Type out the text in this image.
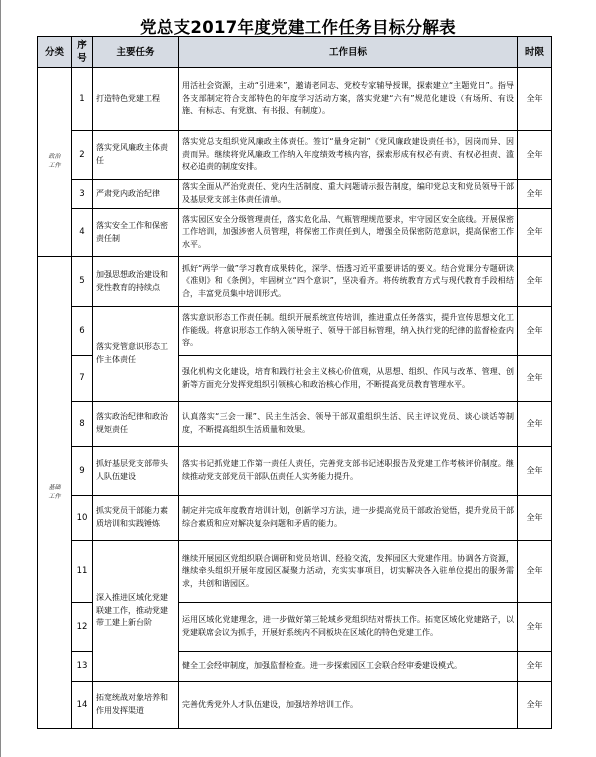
党总支2017年度党建工作任务目标分解表
分类	序号	主要任务	工作目标	时限
政治工作	1	打造特色党建工程	用活社会资源，主动“引进来”，邀请老同志、党校专家辅导授课，探索建立“主题党日”。指导各支部制定符合支部特色的年度学习活动方案，落实党建“六有”规范化建设（有场所、有设施、有标志、有党旗、有书报、有制度）。	全年
	2	落实党风廉政主体责任	落实党总支组织党风廉政主体责任。签订“量身定制”《党风廉政建设责任书》，因岗而异、因责而异。继续将党风廉政工作纳入年度绩效考核内容，探索形成有权必有责、有权必担责、滥权必追责的制度安排。	全年
	3	严肃党内政治纪律	落实全面从严治党责任、党内生活制度、重大问题请示报告制度，编印党总支和党员领导干部及基层党支部主体责任清单。	全年
	4	落实安全工作和保密责任制	落实园区安全分级管理责任，落实危化品、气瓶管理规范要求，牢守园区安全底线。开展保密工作培训，加强涉密人员管理，将保密工作责任到人，增强全员保密防范意识，提高保密工作水平。	全年
基础工作	5	加强思想政治建设和党性教育的持续点	抓好“两学一做”学习教育成果转化，深学、悟透习近平重要讲话的要义。结合党课分专题研读《准则》和《条例》，牢固树立“四个意识”，坚决看齐。将传统教育方式与现代教育手段相结合，丰富党员集中培训形式。	全年
	6	落实党管意识形态工作主体责任	落实意识形态工作责任制。组织开展系统宣传培训，推进重点任务落实，提升宣传思想文化工作能级。将意识形态工作纳入领导班子、领导干部目标管理，纳入执行党的纪律的监督检查内容。	全年
	7		强化机构文化建设，培育和践行社会主义核心价值观，从思想、组织、作风与改革、管理、创新等方面充分发挥党组织引领核心和政治核心作用，不断提高党员教育管理水平。	全年
	8	落实政治纪律和政治规矩责任	认真落实“三会一课”、民主生活会、领导干部双重组织生活、民主评议党员、谈心谈话等制度，不断提高组织生活质量和效果。	全年
	9	抓好基层党支部带头人队伍建设	落实书记抓党建工作第一责任人责任，完善党支部书记述职报告及党建工作考核评价制度。继续推动党支部党员干部队伍责任人实务能力提升。	全年
	10	抓实党员干部能力素质培训和实践锤炼	制定并完成年度教育培训计划，创新学习方法，进一步提高党员干部政治觉悟，提升党员干部综合素质和应对解决复杂问题和矛盾的能力。	全年
	11	深入推进区域化党建联建工作，推动党建带工建上新台阶	继续开展园区党组织联合调研和党员培训、经验交流，发挥园区大党建作用。协调各方资源，继续牵头组织开展年度园区凝聚力活动，充实实事项目，切实解决各入驻单位提出的服务需求，共创和谐园区。	全年
	12		运用区域化党建理念，进一步做好第三轮域乡党组织结对帮扶工作。拓宽区域化党建路子，以党建联席会议为抓手，开展好系统内不同板块在区域化的特色党建工作。	全年
	13		健全工会经审制度，加强监督检查。进一步探索园区工会联合经审委建设模式。	全年
	14	拓宽统战对象培养和作用发挥渠道	完善优秀党外人才队伍建设，加强培养培训工作。	全年
